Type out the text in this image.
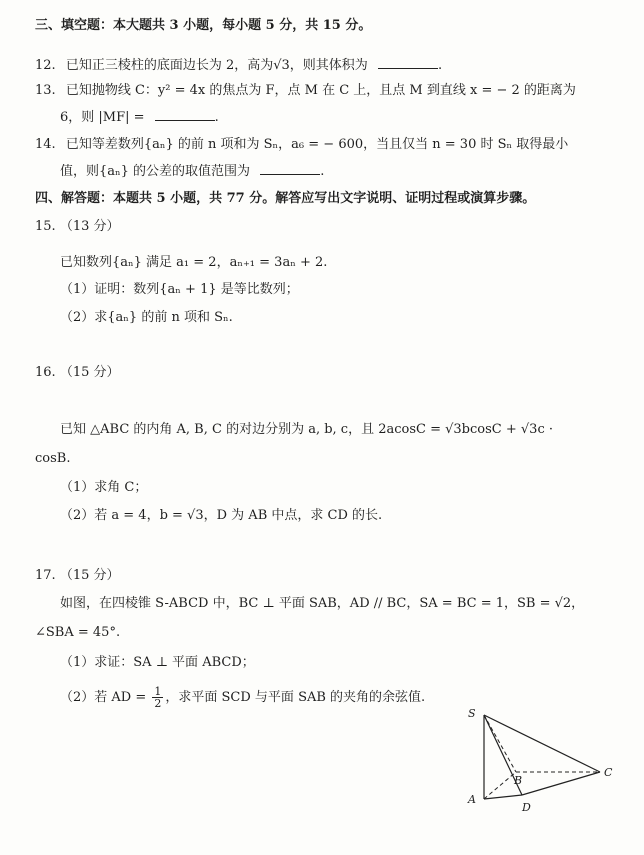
三、填空题：本大题共 3 小题，每小题 5 分，共 15 分。
12. 已知正三棱柱的底面边长为 2，高为√3，则其体积为	.
13. 已知抛物线 C：y² = 4x 的焦点为 F，点 M 在 C 上，且点 M 到直线 x = − 2 的距离为
6，则 |MF| =	.
14. 已知等差数列{aₙ} 的前 n 项和为 Sₙ，a₆ = − 600，当且仅当 n = 30 时 Sₙ 取得最小
值，则{aₙ} 的公差的取值范围为	.
四、解答题：本题共 5 小题，共 77 分。解答应写出文字说明、证明过程或演算步骤。
15. （13 分）
已知数列{aₙ} 满足 a₁ = 2，aₙ₊₁ = 3aₙ + 2.
（1）证明：数列{aₙ + 1} 是等比数列；
（2）求{aₙ} 的前 n 项和 Sₙ.
16. （15 分）
已知 △ABC 的内角 A, B, C 的对边分别为 a, b, c，且 2acosC = √3bcosC + √3c ·
cosB.
（1）求角 C；
（2）若 a = 4，b = √3，D 为 AB 中点，求 CD 的长.
17. （15 分）
如图，在四棱锥 S-ABCD 中，BC ⊥ 平面 SAB，AD // BC，SA = BC = 1，SB = √2，
∠SBA = 45°.
（1）求证：SA ⊥ 平面 ABCD；
（2）若 AD = $\frac{1}{2}$ ，求平面 SCD 与平面 SAB 的夹角的余弦值.
S
A
B
C
D
